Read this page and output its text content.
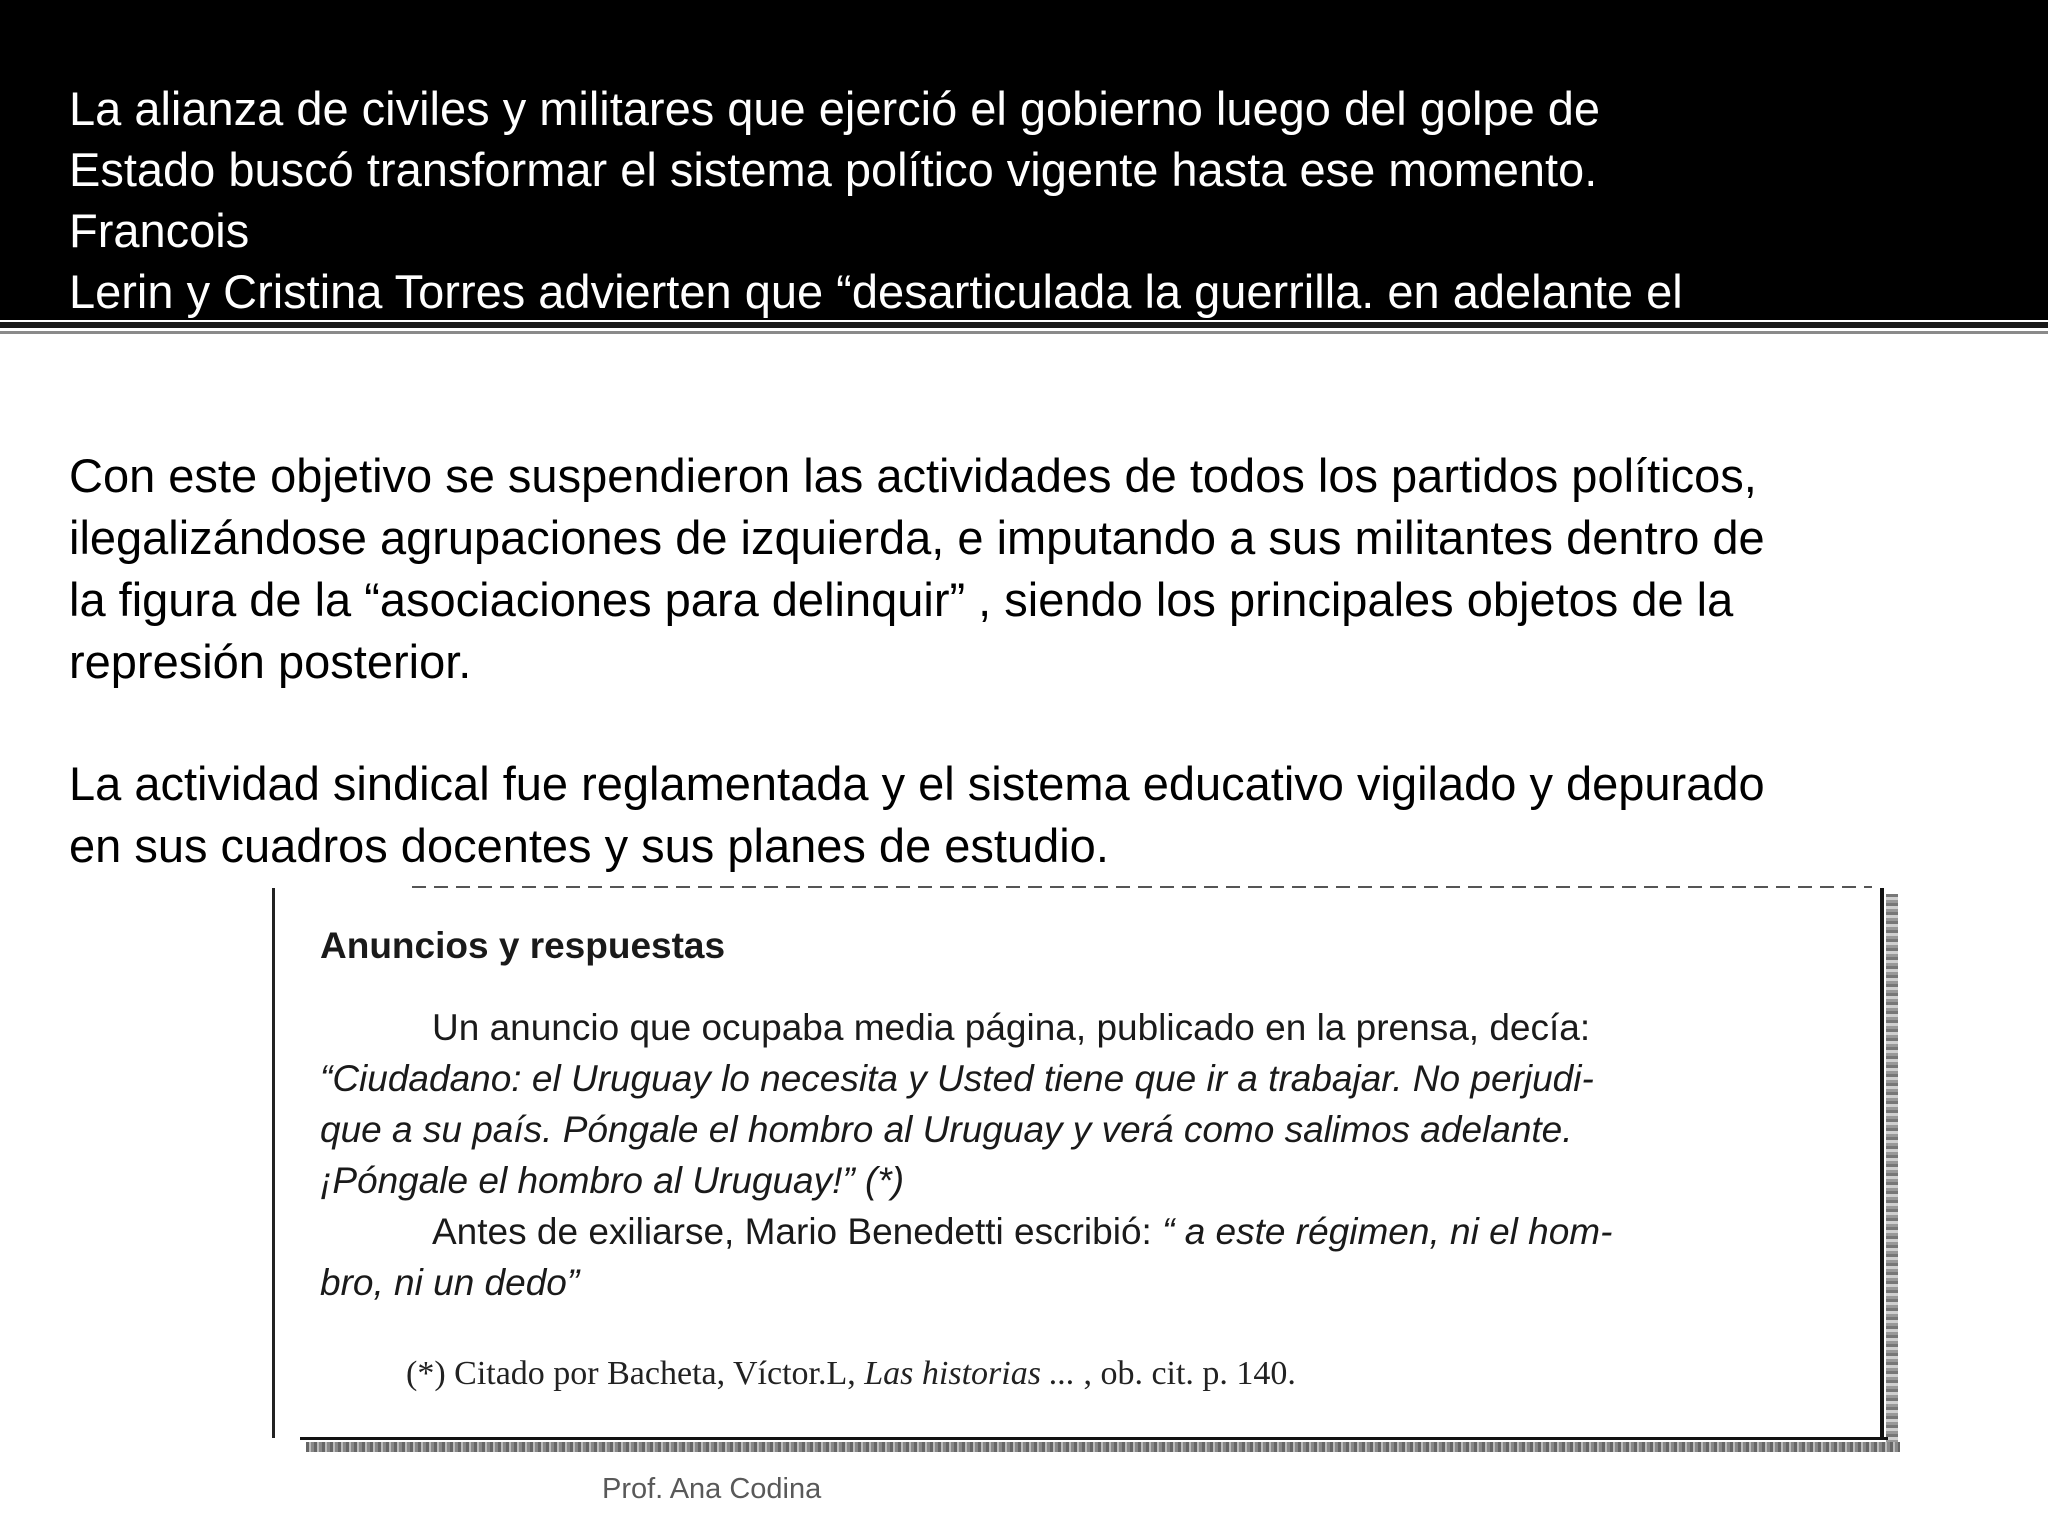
La alianza de civiles y militares que ejerció el gobierno luego del golpe de
Estado buscó transformar el sistema político vigente hasta ese momento.
Francois
Lerin y Cristina Torres advierten que “desarticulada la guerrilla. en adelante el

Con este objetivo se suspendieron las actividades de todos los partidos políticos,
ilegalizándose agrupaciones de izquierda, e imputando a sus militantes dentro de
la figura de la “asociaciones para delinquir” , siendo los principales objetos de la
represión posterior.

La actividad sindical fue reglamentada y el sistema educativo vigilado y depurado
en sus cuadros docentes y sus planes de estudio.

Anuncios y respuestas

Un anuncio que ocupaba media página, publicado en la prensa, decía:
“Ciudadano: el Uruguay lo necesita y Usted tiene que ir a trabajar. No perjudi-
que a su país. Póngale el hombro al Uruguay y verá como salimos adelante.
¡Póngale el hombro al Uruguay!” (*)
Antes de exiliarse, Mario Benedetti escribió: “ a este régimen, ni el hom-
bro, ni un dedo”

(*) Citado por Bacheta, Víctor.L, Las historias ... , ob. cit. p. 140.

Prof. Ana Codina
